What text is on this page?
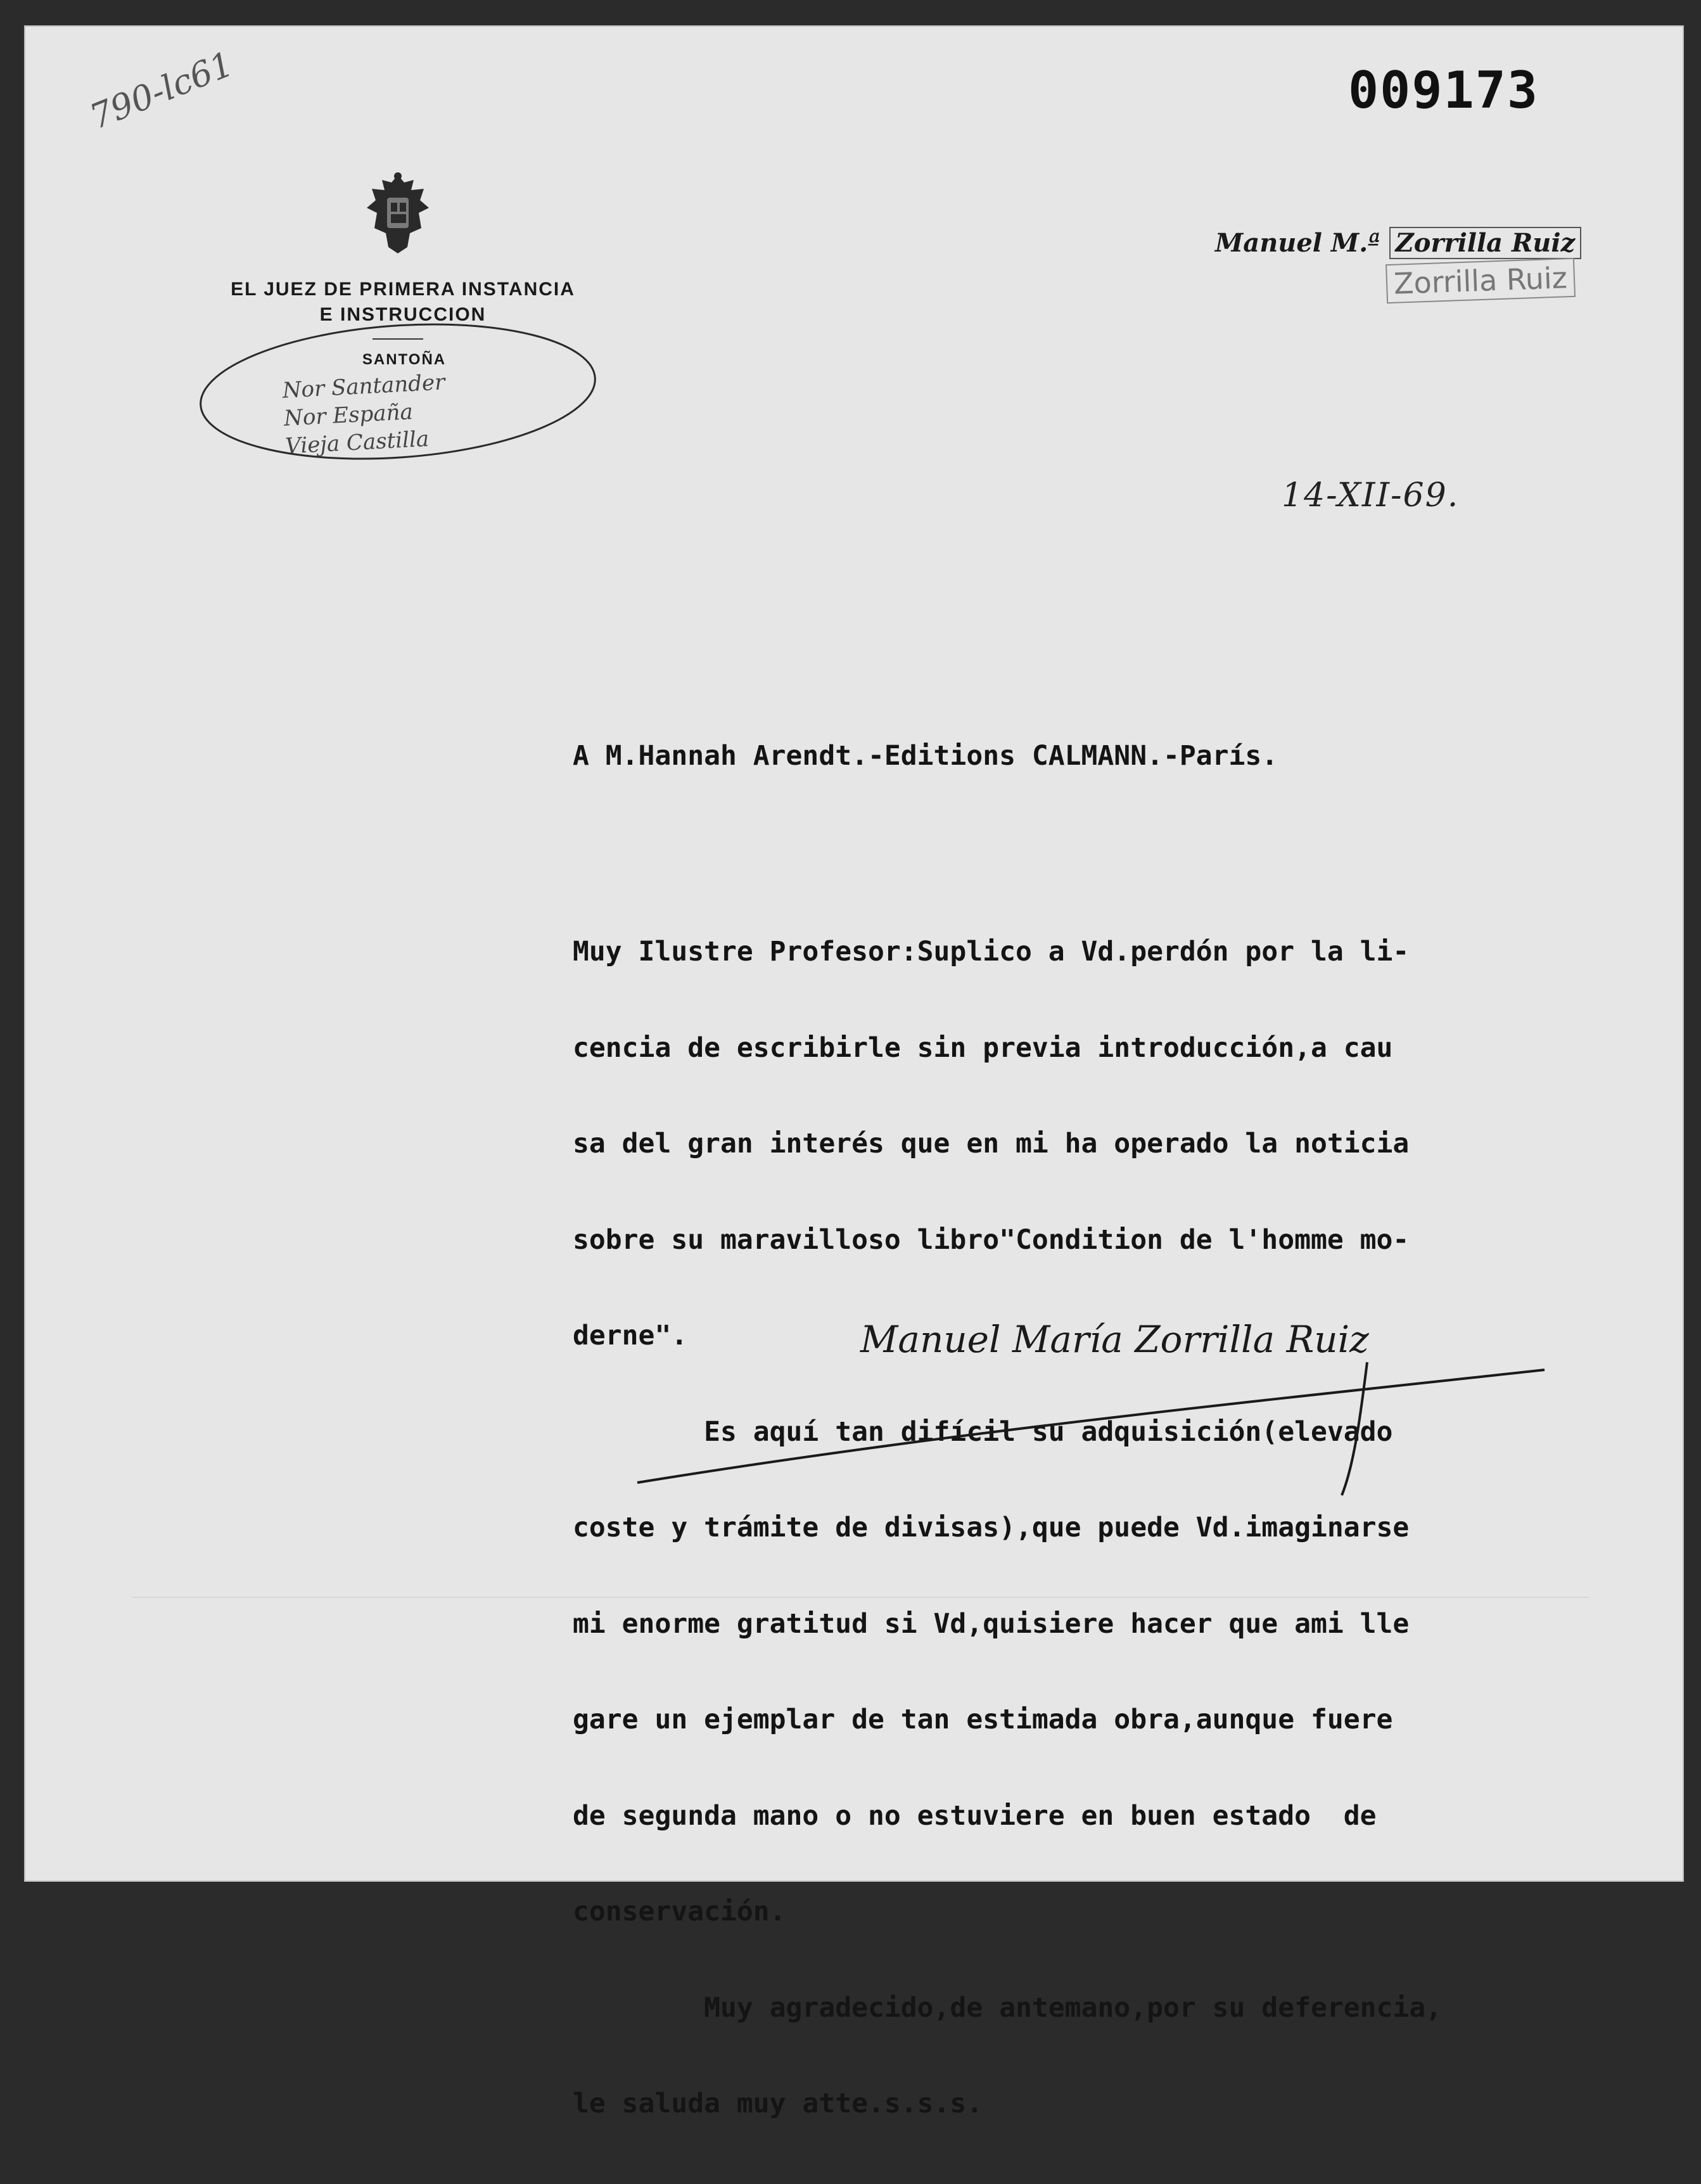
009173
790-lc61
EL JUEZ DE PRIMERA INSTANCIA
E INSTRUCCION
SANTOÑA
Nor Santander
Nor España
Vieja Castilla
Manuel M.ª Zorrilla Ruiz
Zorrilla Ruiz
14-XII-69.
A M.Hannah Arendt.-Editions CALMANN.-París.

Muy Ilustre Profesor:Suplico a Vd.perdón por la li-

cencia de escribirle sin previa introducción,a cau

sa del gran interés que en mi ha operado la noticia

sobre su maravilloso libro"Condition de l'homme mo-

derne".

Es aquí tan difícil su adquisición(elevado

coste y trámite de divisas),que puede Vd.imaginarse

mi enorme gratitud si Vd,quisiere hacer que ami lle

gare un ejemplar de tan estimada obra,aunque fuere

de segunda mano o no estuviere en buen estado  de

conservación.

Muy agradecido,de antemano,por su deferencia,

le saluda muy atte.s.s.s.

Manuel María Zorrilla Ruiz
